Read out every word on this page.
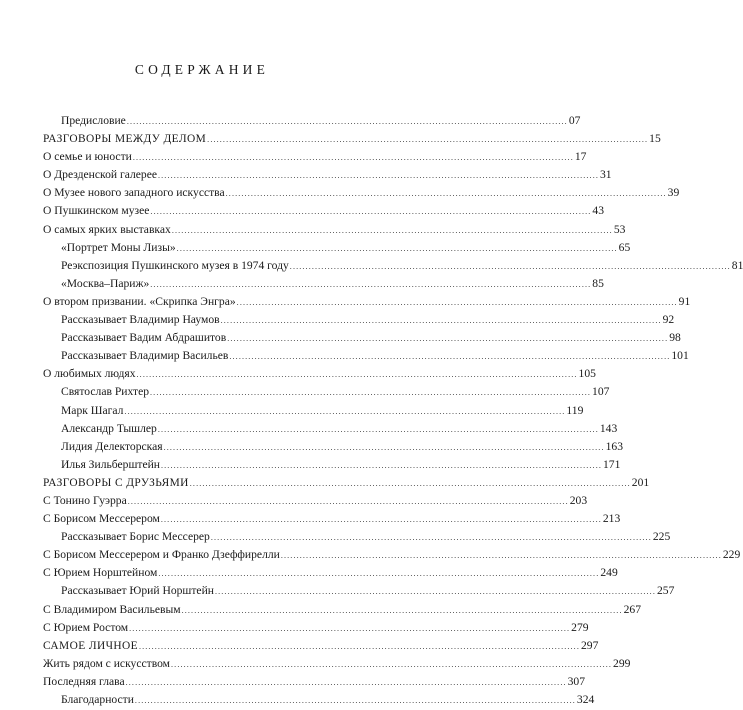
СОДЕРЖАНИЕ
Предисловие ............................................................................................................................................ 07
РАЗГОВОРЫ МЕЖДУ ДЕЛОМ ............................................................................................................................................ 15
О семье и юности ............................................................................................................................................ 17
О Дрезденской галерее ............................................................................................................................................ 31
О Музее нового западного искусства ............................................................................................................................................ 39
О Пушкинском музее ............................................................................................................................................ 43
О самых ярких выставках ............................................................................................................................................ 53
«Портрет Моны Лизы» ............................................................................................................................................ 65
Реэкспозиция Пушкинского музея в 1974 году ............................................................................................................................................ 81
«Москва–Париж» ............................................................................................................................................ 85
О втором призвании. «Скрипка Энгра» ............................................................................................................................................ 91
Рассказывает Владимир Наумов ............................................................................................................................................ 92
Рассказывает Вадим Абдрашитов ............................................................................................................................................ 98
Рассказывает Владимир Васильев ............................................................................................................................................ 101
О любимых людях ............................................................................................................................................ 105
Святослав Рихтер ............................................................................................................................................ 107
Марк Шагал ............................................................................................................................................ 119
Александр Тышлер ............................................................................................................................................ 143
Лидия Делекторская ............................................................................................................................................ 163
Илья Зильберштейн ............................................................................................................................................ 171
РАЗГОВОРЫ С ДРУЗЬЯМИ ............................................................................................................................................ 201
С Тонино Гуэрра ............................................................................................................................................ 203
С Борисом Мессерером ............................................................................................................................................ 213
Рассказывает Борис Мессерер ............................................................................................................................................ 225
С Борисом Мессерером и Франко Дзеффирелли ............................................................................................................................................ 229
С Юрием Норштейном ............................................................................................................................................ 249
Рассказывает Юрий Норштейн ............................................................................................................................................ 257
С Владимиром Васильевым ............................................................................................................................................ 267
С Юрием Ростом ............................................................................................................................................ 279
САМОЕ ЛИЧНОЕ ............................................................................................................................................ 297
Жить рядом с искусством ............................................................................................................................................ 299
Последняя глава ............................................................................................................................................ 307
Благодарности ............................................................................................................................................ 324
